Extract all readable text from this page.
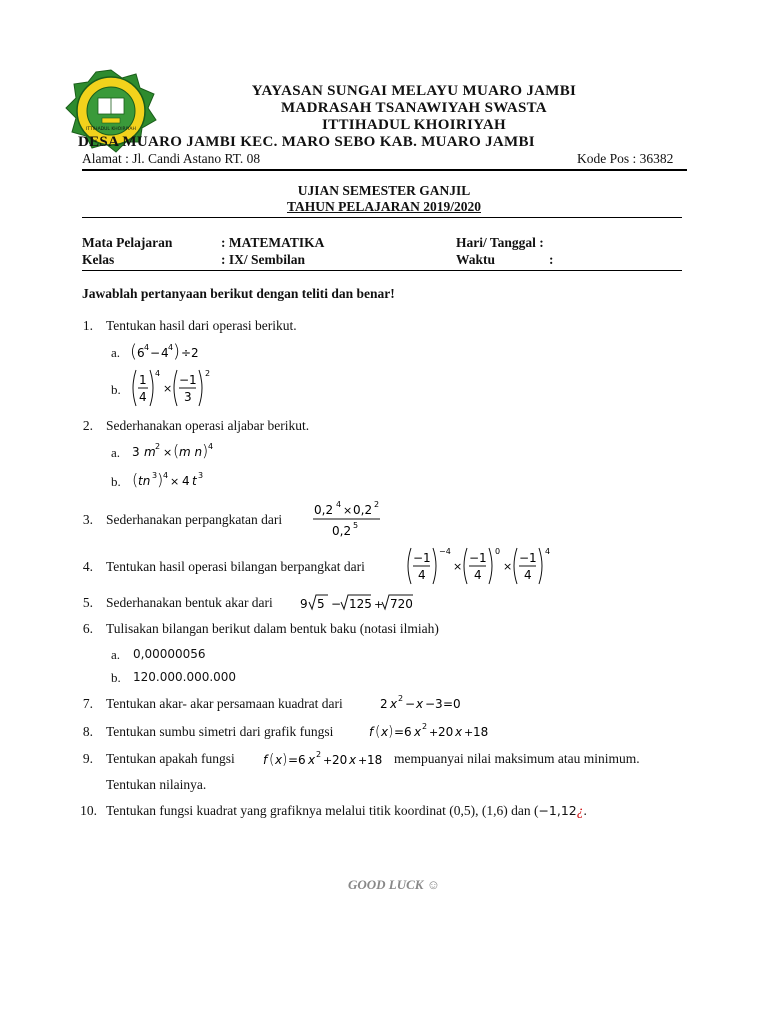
ITTIHADUL KHOIRIYAH
YAYASAN SUNGAI MELAYU MUARO JAMBI
MADRASAH TSANAWIYAH SWASTA
ITTIHADUL KHOIRIYAH
DESA MUARO JAMBI KEC. MARO SEBO KAB. MUARO JAMBI
Alamat : Jl. Candi Astano RT. 08	Kode Pos : 36382
UJIAN SEMESTER GANJIL
TAHUN PELAJARAN 2019/2020
Mata Pelajaran	: MATEMATIKA	Hari/ Tanggal :
Kelas	: IX/ Sembilan	Waktu	:
Jawablah pertanyaan berikut dengan teliti dan benar!
1. Tentukan hasil dari operasi berikut.
a. ( 6 4 − 4 4 ) ÷ 2
b.
1
4
4
×
−1
3
2
2. Sederhanakan operasi aljabar berikut.
a. 3 m 2 × ( m n ) 4
b. ( tn 3 ) 4 × 4 t 3
3. Sederhanakan perpangkatan dari
0,2 4 × 0,2 2
0,2 5
4. Tentukan hasil operasi bilangan berpangkat dari
−1
4
−4
×
−1
4
0
×
−1
4
4
5. Sederhanakan bentuk akar dari 9 5 − 125 + 720
6. Tulisakan bilangan berikut dalam bentuk baku (notasi ilmiah)
a. 0,00000056
b. 120.000.000.000
7. Tentukan akar- akar persamaan kuadrat dari	2 x 2 − x −3 =0
8. Tentukan sumbu simetri dari grafik fungsi	f ( x ) =6 x 2 + 20 x + 18
9. Tentukan apakah fungsi f ( x ) =6 x 2 + 20 x + 18 mempuanyai nilai maksimum atau minimum.
Tentukan nilainya.
10. Tentukan fungsi kuadrat yang grafiknya melalui titik koordinat (0,5), (1,6) dan (−1,12¿.
GOOD LUCK ☺
